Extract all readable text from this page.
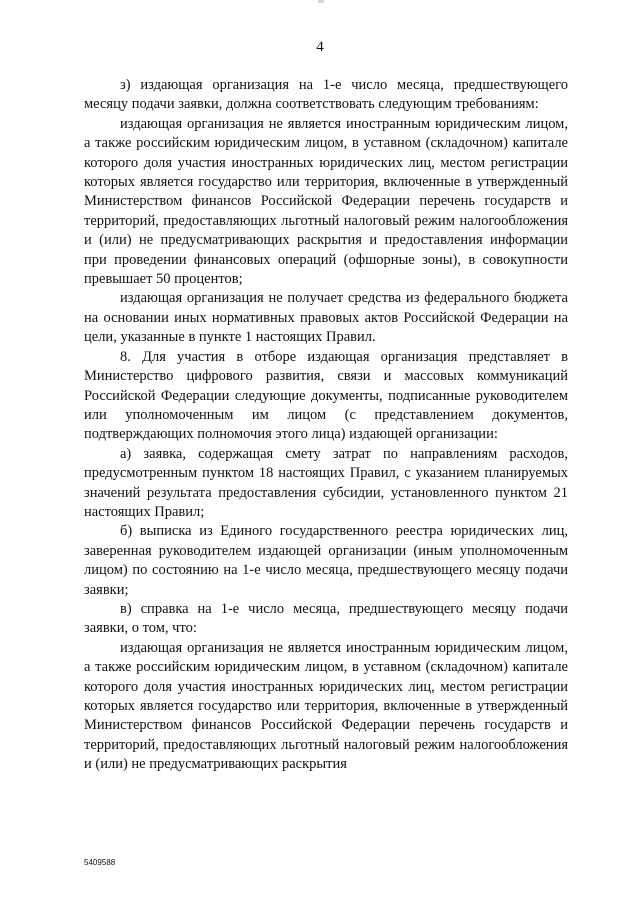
4

з) издающая организация на 1-е число месяца, предшествующего месяцу подачи заявки, должна соответствовать следующим требованиям:

издающая организация не является иностранным юридическим лицом, а также российским юридическим лицом, в уставном (складочном) капитале которого доля участия иностранных юридических лиц, местом регистрации которых является государство или территория, включенные в утвержденный Министерством финансов Российской Федерации перечень государств и территорий, предоставляющих льготный налоговый режим налогообложения и (или) не предусматривающих раскрытия и предоставления информации при проведении финансовых операций (офшорные зоны), в совокупности превышает 50 процентов;

издающая организация не получает средства из федерального бюджета на основании иных нормативных правовых актов Российской Федерации на цели, указанные в пункте 1 настоящих Правил.

8. Для участия в отборе издающая организация представляет в Министерство цифрового развития, связи и массовых коммуникаций Российской Федерации следующие документы, подписанные руководителем или уполномоченным им лицом (с представлением документов, подтверждающих полномочия этого лица) издающей организации:

а) заявка, содержащая смету затрат по направлениям расходов, предусмотренным пунктом 18 настоящих Правил, с указанием планируемых значений результата предоставления субсидии, установленного пунктом 21 настоящих Правил;

б) выписка из Единого государственного реестра юридических лиц, заверенная руководителем издающей организации (иным уполномоченным лицом) по состоянию на 1-е число месяца, предшествующего месяцу подачи заявки;

в) справка на 1-е число месяца, предшествующего месяцу подачи заявки, о том, что:

издающая организация не является иностранным юридическим лицом, а также российским юридическим лицом, в уставном (складочном) капитале которого доля участия иностранных юридических лиц, местом регистрации которых является государство или территория, включенные в утвержденный Министерством финансов Российской Федерации перечень государств и территорий, предоставляющих льготный налоговый режим налогообложения и (или) не предусматривающих раскрытия

5409588
